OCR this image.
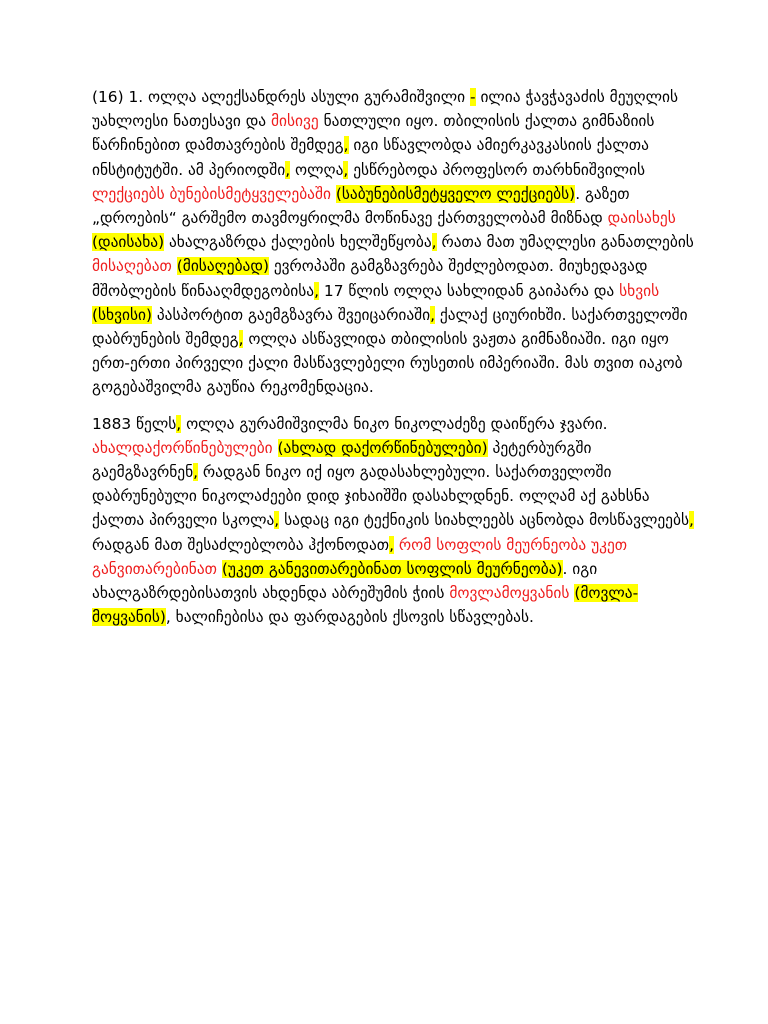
(16) 1. ოლღა ალექსანდრეს ასული გურამიშვილი - ილია ჭავჭავაძის მეუღლის უახლოესი ნათესავი და მისივე ნათლული იყო. თბილისის ქალთა გიმნაზიის წარჩინებით დამთავრების შემდეგ, იგი სწავლობდა ამიერკავკასიის ქალთა ინსტიტუტში. ამ პერიოდში, ოლღა, ესწრებოდა პროფესორ თარხნიშვილის ლექციებს ბუნებისმეტყველებაში (საბუნებისმეტყველო ლექციებს). გაზეთ „დროების“ გარშემო თავმოყრილმა მოწინავე ქართველობამ მიზნად დაისახეს (დაისახა) ახალგაზრდა ქალების ხელშეწყობა, რათა მათ უმაღლესი განათლების მისაღებათ (მისაღებად) ევროპაში გამგზავრება შეძლებოდათ. მიუხედავად მშობლების წინააღმდეგობისა, 17 წლის ოლღა სახლიდან გაიპარა და სხვის (სხვისი) პასპორტით გაემგზავრა შვეიცარიაში, ქალაქ ციურიხში. საქართველოში დაბრუნების შემდეგ, ოლღა ასწავლიდა თბილისის ვაჟთა გიმნაზიაში. იგი იყო ერთ-ერთი პირველი ქალი მასწავლებელი რუსეთის იმპერიაში. მას თვით იაკობ გოგებაშვილმა გაუწია რეკომენდაცია.

1883 წელს, ოლღა გურამიშვილმა ნიკო ნიკოლაძეზე დაიწერა ჯვარი. ახალდაქორწინებულები (ახლად დაქორწინებულები) პეტერბურგში გაემგზავრნენ, რადგან ნიკო იქ იყო გადასახლებული. საქართველოში დაბრუნებული ნიკოლაძეები დიდ ჯიხაიშში დასახლდნენ. ოლღამ აქ გახსნა ქალთა პირველი სკოლა, სადაც იგი ტექნიკის სიახლეებს აცნობდა მოსწავლეებს, რადგან მათ შესაძლებლობა ჰქონოდათ, რომ სოფლის მეურნეობა უკეთ განვითარებინათ (უკეთ განევითარებინათ სოფლის მეურნეობა). იგი ახალგაზრდებისათვის ახდენდა აბრეშუმის ჭიის მოვლამოყვანის (მოვლა-მოყვანის), ხალიჩებისა და ფარდაგების ქსოვის სწავლებას.
